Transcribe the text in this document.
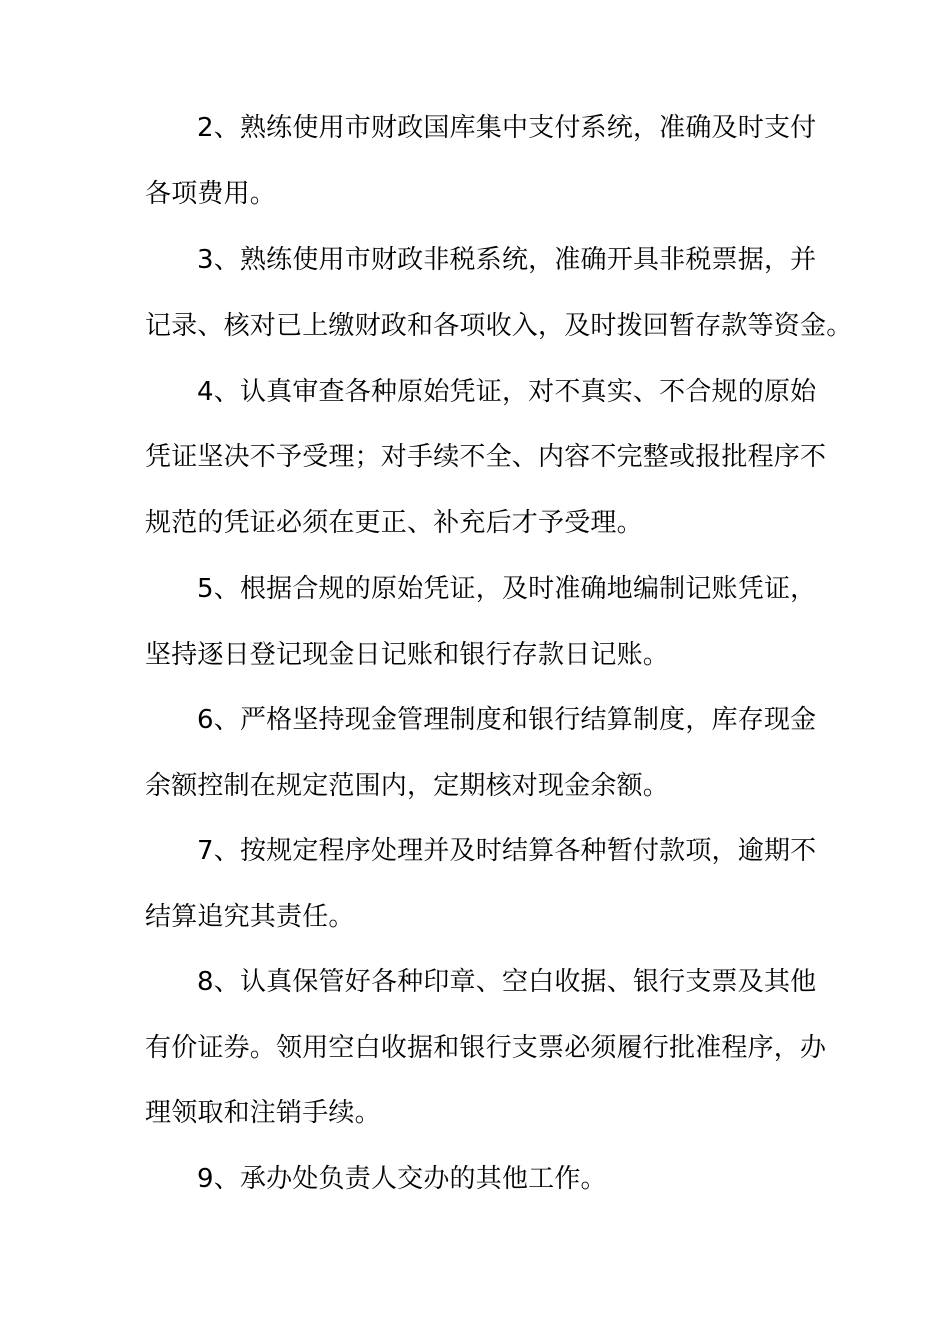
2、熟练使用市财政国库集中支付系统，准确及时支付
各项费用。
3、熟练使用市财政非税系统，准确开具非税票据，并
记录、核对已上缴财政和各项收入，及时拨回暂存款等资金。
4、认真审查各种原始凭证，对不真实、不合规的原始
凭证坚决不予受理；对手续不全、内容不完整或报批程序不
规范的凭证必须在更正、补充后才予受理。
5、根据合规的原始凭证，及时准确地编制记账凭证，
坚持逐日登记现金日记账和银行存款日记账。
6、严格坚持现金管理制度和银行结算制度，库存现金
余额控制在规定范围内，定期核对现金余额。
7、按规定程序处理并及时结算各种暂付款项，逾期不
结算追究其责任。
8、认真保管好各种印章、空白收据、银行支票及其他
有价证券。领用空白收据和银行支票必须履行批准程序，办
理领取和注销手续。
9、承办处负责人交办的其他工作。
